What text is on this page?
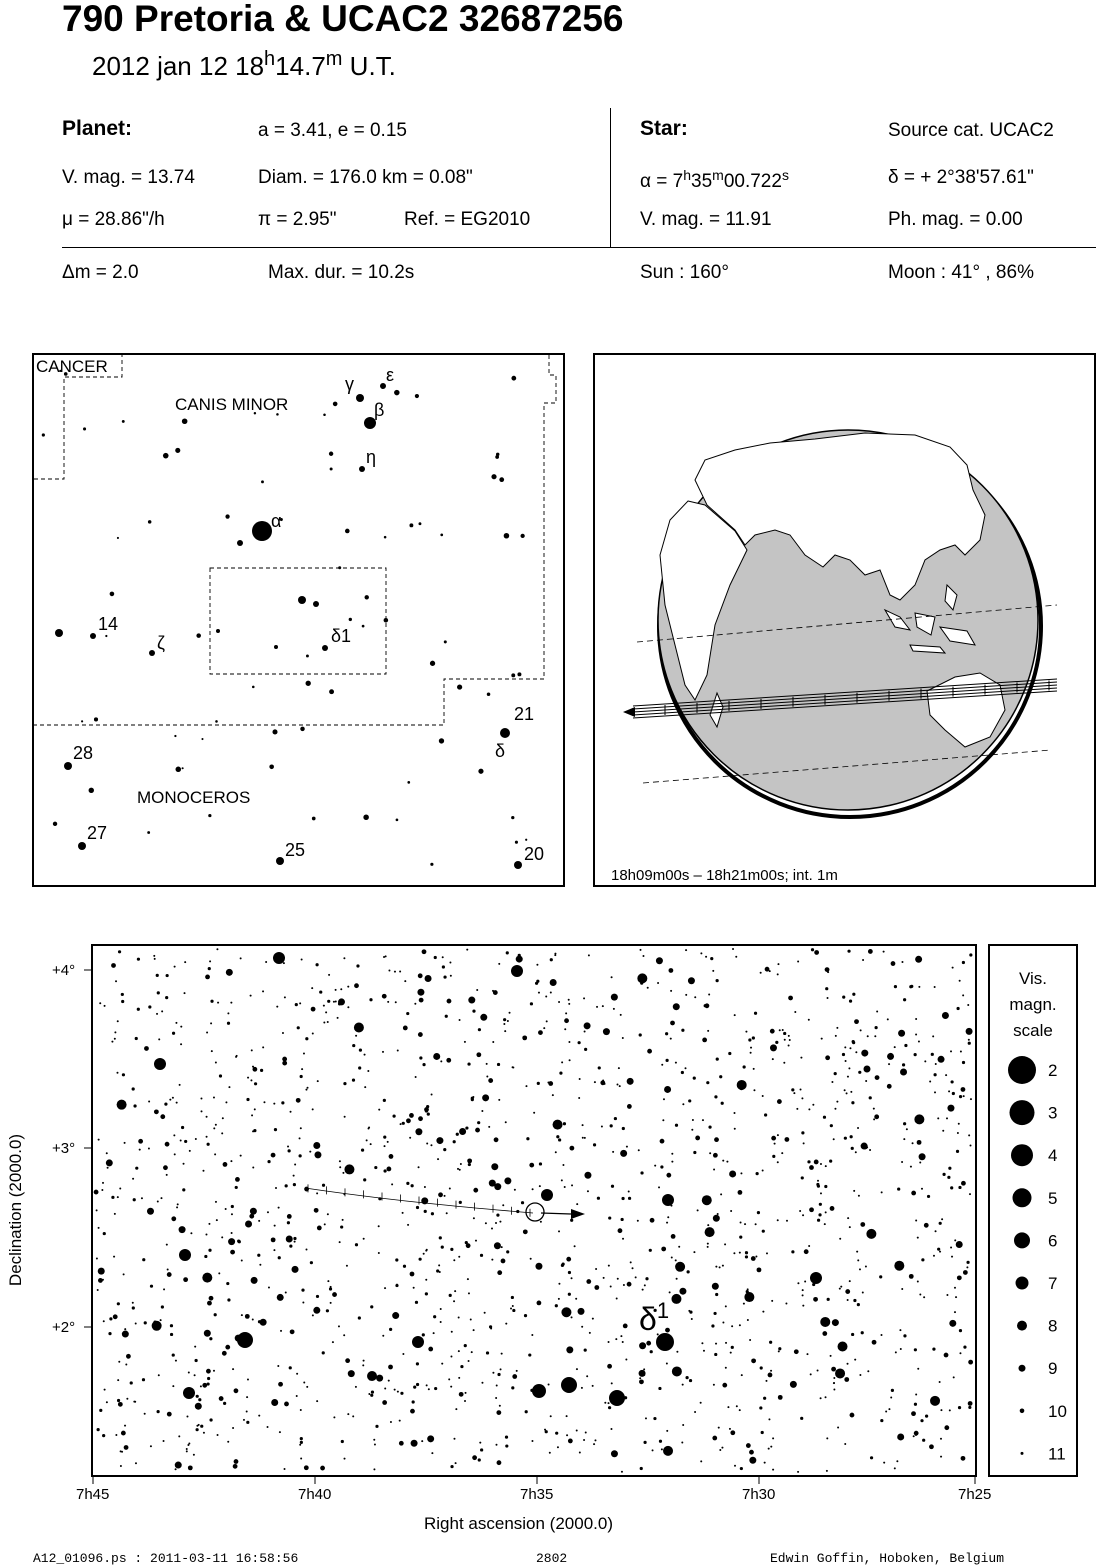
790 Pretoria & UCAC2 32687256
2012 jan 12 18$^h$14.7$^m$ U.T.
Planet:	a = 3.41, e = 0.15
V. mag. = 13.74	Diam. = 176.0 km = 0.08"
μ = 28.86"/h	π = 2.95"	Ref. = EG2010
Star:	Source cat. UCAC2
$\alpha = 7^h35^m00.722^s$	δ = + 2°38'57.61"
V. mag. = 11.91	Ph. mag. = 0.00
Δm = 2.0	Max. dur. = 10.2s	Sun : 160°	Moon : 41° , 86%
CANCER
CANIS MINOR
MONOCEROS
γ ε
β
η
α
14
ζ	δ1
21
δ
28
27
25	20
18h09m00s – 18h21m00s; int. 1m
$\delta^1$
+4°
+3°
+2°
7h45	7h40	7h35	7h30	7h25
Right ascension (2000.0)
Declination (2000.0)
Vis.
magn.
scale
2
3
4
5
6
7
8
9
10
11
A12_01096.ps : 2011-03-11 16:58:56	2802	Edwin Goffin, Hoboken, Belgium
